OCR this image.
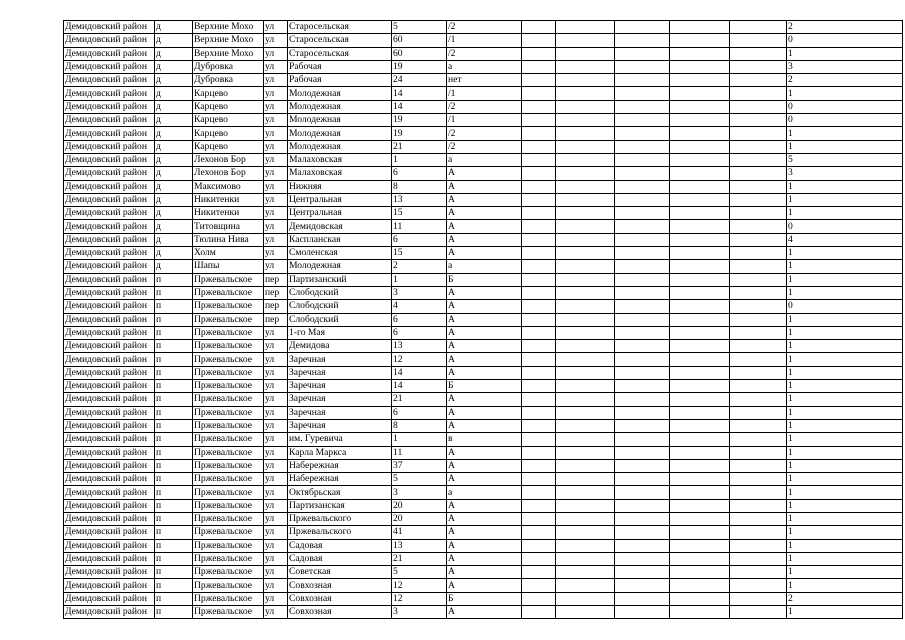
Демидовский район	д	Верхние Мохо	ул	Старосельская	5	/2						2
Демидовский район	д	Верхние Мохо	ул	Старосельская	60	/1						0
Демидовский район	д	Верхние Мохо	ул	Старосельская	60	/2						1
Демидовский район	д	Дубровка	ул	Рабочая	19	а						3
Демидовский район	д	Дубровка	ул	Рабочая	24	нет						2
Демидовский район	д	Карцево	ул	Молодежная	14	/1						1
Демидовский район	д	Карцево	ул	Молодежная	14	/2						0
Демидовский район	д	Карцево	ул	Молодежная	19	/1						0
Демидовский район	д	Карцево	ул	Молодежная	19	/2						1
Демидовский район	д	Карцево	ул	Молодежная	21	/2						1
Демидовский район	д	Лехонов Бор	ул	Малаховская	1	а						5
Демидовский район	д	Лехонов Бор	ул	Малаховская	6	А						3
Демидовский район	д	Максимово	ул	Нижняя	8	А						1
Демидовский район	д	Никитенки	ул	Центральная	13	А						1
Демидовский район	д	Никитенки	ул	Центральная	15	А						1
Демидовский район	д	Титовщина	ул	Демидовская	11	А						0
Демидовский район	д	Тюлина Нива	ул	Каспланская	6	А						4
Демидовский район	д	Холм	ул	Смоленская	15	А						1
Демидовский район	д	Шапы	ул	Молодежная	2	а						1
Демидовский район	п	Пржевальское	пер	Партизанский	1	Б						1
Демидовский район	п	Пржевальское	пер	Слободский	3	А						1
Демидовский район	п	Пржевальское	пер	Слободский	4	А						0
Демидовский район	п	Пржевальское	пер	Слободский	6	А						1
Демидовский район	п	Пржевальское	ул	1-го Мая	6	А						1
Демидовский район	п	Пржевальское	ул	Демидова	13	А						1
Демидовский район	п	Пржевальское	ул	Заречная	12	А						1
Демидовский район	п	Пржевальское	ул	Заречная	14	А						1
Демидовский район	п	Пржевальское	ул	Заречная	14	Б						1
Демидовский район	п	Пржевальское	ул	Заречная	21	А						1
Демидовский район	п	Пржевальское	ул	Заречная	6	А						1
Демидовский район	п	Пржевальское	ул	Заречная	8	А						1
Демидовский район	п	Пржевальское	ул	им. Гуревича	1	в						1
Демидовский район	п	Пржевальское	ул	Карла Маркса	11	А						1
Демидовский район	п	Пржевальское	ул	Набережная	37	А						1
Демидовский район	п	Пржевальское	ул	Набережная	5	А						1
Демидовский район	п	Пржевальское	ул	Октябрьская	3	а						1
Демидовский район	п	Пржевальское	ул	Партизанская	20	А						1
Демидовский район	п	Пржевальское	ул	Пржевальского	20	А						1
Демидовский район	п	Пржевальское	ул	Пржевальского	41	А						1
Демидовский район	п	Пржевальское	ул	Садовая	13	А						1
Демидовский район	п	Пржевальское	ул	Садовая	21	А						1
Демидовский район	п	Пржевальское	ул	Советская	5	А						1
Демидовский район	п	Пржевальское	ул	Совхозная	12	А						1
Демидовский район	п	Пржевальское	ул	Совхозная	12	Б						2
Демидовский район	п	Пржевальское	ул	Совхозная	3	А						1
